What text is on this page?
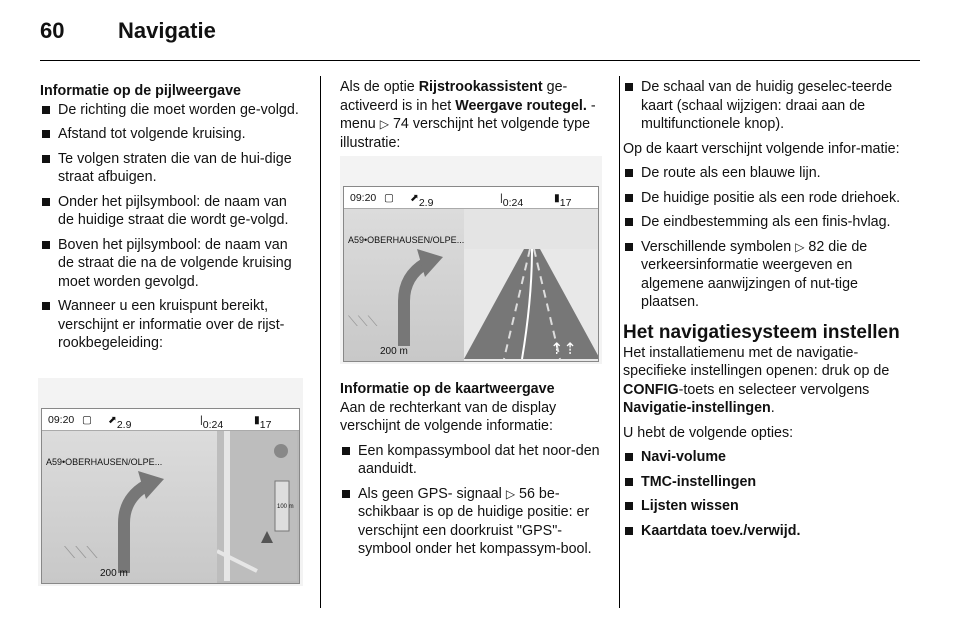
60 Navigatie
Informatie op de pijlweergave
De richting die moet worden ge-volgd.
Afstand tot volgende kruising.
Te volgen straten die van de hui-dige straat afbuigen.
Onder het pijlsymbool: de naam van de huidige straat die wordt ge-volgd.
Boven het pijlsymbool: de naam van de straat die na de volgende kruising moet worden gevolgd.
Wanneer u een kruispunt bereikt, verschijnt er informatie over de rijst-rookbegeleiding:
09:20 ▢ ⬈ 2.9	| 0:24	▮ 17
A59•OBERHAUSEN/OLPE...
⟍⟍⟍
200 m
100 m
Als de optie Rijstrookassistent ge-activeerd is in het Weergave routegel. -menu ▷ 74 verschijnt het volgende type illustratie:
Informatie op de kaartweergave
Aan de rechterkant van de display verschijnt de volgende informatie:
Een kompassymbool dat het noor-den aanduidt.
Als geen GPS- signaal ▷ 56 be-schikbaar is op de huidige positie: er verschijnt een doorkruist "GPS"-symbool onder het kompassym-bool.
09:20 ▢ ⬈ 2.9	| 0:24	▮ 17
A59•OBERHAUSEN/OLPE...
⟍⟍⟍
200 m	⇡⇡
De schaal van de huidig geselec-teerde kaart (schaal wijzigen: draai aan de multifunctionele knop).
Op de kaart verschijnt volgende infor-matie:
De route als een blauwe lijn.
De huidige positie als een rode driehoek.
De eindbestemming als een finis-hvlag.
Verschillende symbolen ▷ 82 die de verkeersinformatie weergeven en algemene aanwijzingen of nut-tige plaatsen.
Het navigatiesysteem instellen
Het installatiemenu met de navigatie-specifieke instellingen openen: druk op de CONFIG-toets en selecteer vervolgens Navigatie-instellingen.
U hebt de volgende opties:
Navi-volume
TMC-instellingen
Lijsten wissen
Kaartdata toev./verwijd.
